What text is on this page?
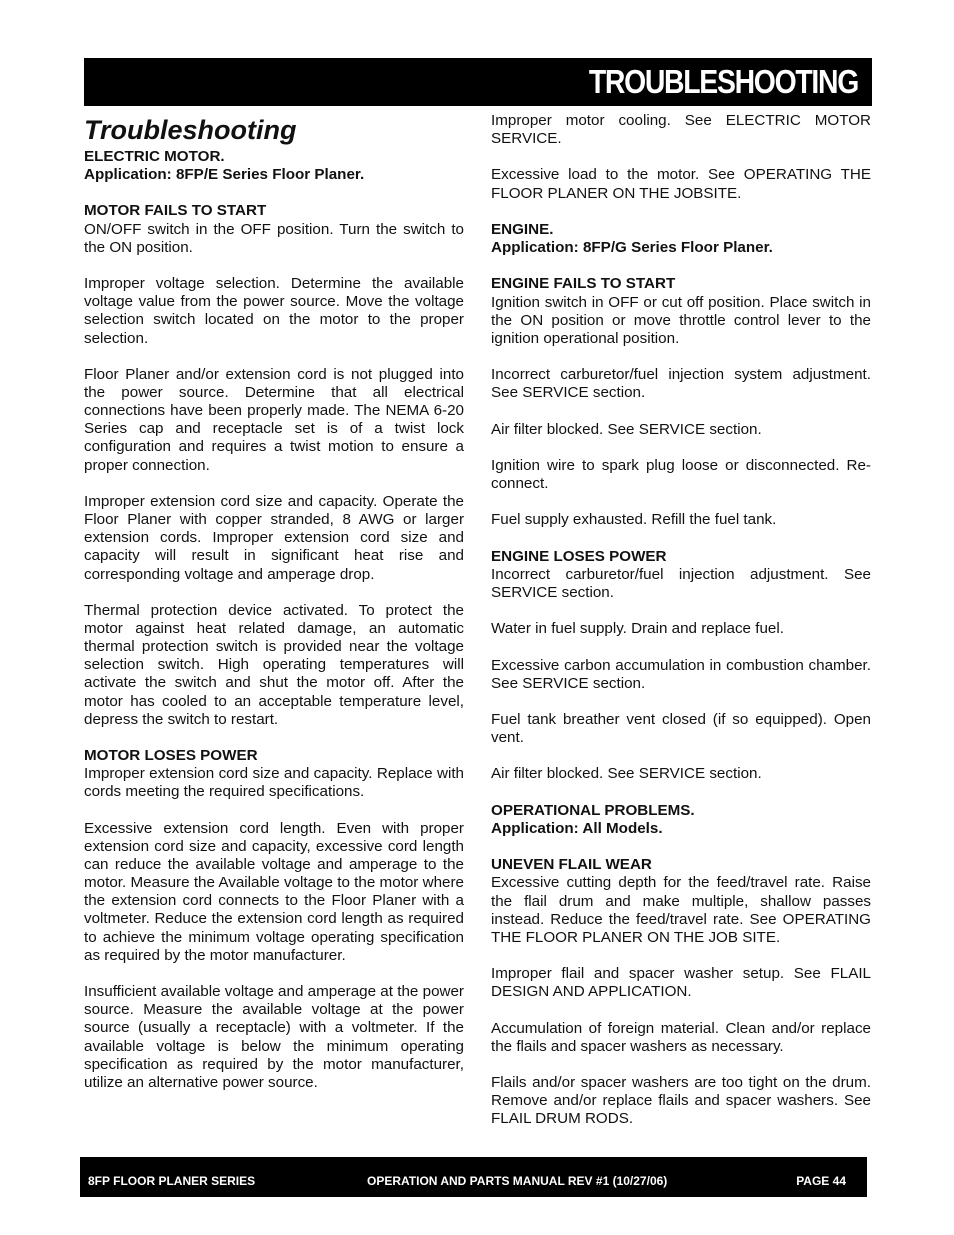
TROUBLESHOOTING
Troubleshooting
ELECTRIC MOTOR.
Application: 8FP/E Series Floor Planer.
MOTOR FAILS TO START
ON/OFF switch in the OFF position. Turn the switch to the ON position.
Improper voltage selection. Determine the available voltage value from the power source. Move the voltage selection switch located on the motor to the proper selection.
Floor Planer and/or extension cord is not plugged into the power source. Determine that all electrical connections have been properly made. The NEMA 6-20 Series cap and receptacle set is of a twist lock configuration and requires a twist motion to ensure a proper connection.
Improper extension cord size and capacity. Operate the Floor Planer with copper stranded, 8 AWG or larger extension cords. Improper extension cord size and capacity will result in significant heat rise and corresponding voltage and amperage drop.
Thermal protection device activated. To protect the motor against heat related damage, an automatic thermal protection switch is provided near the voltage selection switch. High operating temperatures will activate the switch and shut the motor off. After the motor has cooled to an acceptable temperature level, depress the switch to restart.
MOTOR LOSES POWER
Improper extension cord size and capacity. Replace with cords meeting the required specifications.
Excessive extension cord length. Even with proper extension cord size and capacity, excessive cord length can reduce the available voltage and amperage to the motor. Measure the Available voltage to the motor where the extension cord connects to the Floor Planer with a voltmeter. Reduce the extension cord length as required to achieve the minimum voltage operating specification as required by the motor manufacturer.
Insufficient available voltage and amperage at the power source. Measure the available voltage at the power source (usually a receptacle) with a voltmeter. If the available voltage is below the minimum operating specification as required by the motor manufacturer, utilize an alternative power source.
Improper motor cooling. See ELECTRIC MOTOR SERVICE.
Excessive load to the motor. See OPERATING THE FLOOR PLANER ON THE JOBSITE.
ENGINE.
Application: 8FP/G Series Floor Planer.
ENGINE FAILS TO START
Ignition switch in OFF or cut off position. Place switch in the ON position or move throttle control lever to the ignition operational position.
Incorrect carburetor/fuel injection system adjustment. See SERVICE section.
Air filter blocked. See SERVICE section.
Ignition wire to spark plug loose or disconnected. Re-connect.
Fuel supply exhausted. Refill the fuel tank.
ENGINE LOSES POWER
Incorrect carburetor/fuel injection adjustment. See SERVICE section.
Water in fuel supply. Drain and replace fuel.
Excessive carbon accumulation in combustion chamber. See SERVICE section.
Fuel tank breather vent closed (if so equipped). Open vent.
Air filter blocked. See SERVICE section.
OPERATIONAL PROBLEMS.
Application: All Models.
UNEVEN FLAIL WEAR
Excessive cutting depth for the feed/travel rate. Raise the flail drum and make multiple, shallow passes instead. Reduce the feed/travel rate. See OPERATING THE FLOOR PLANER ON THE JOB SITE.
Improper flail and spacer washer setup. See FLAIL DESIGN AND APPLICATION.
Accumulation of foreign material. Clean and/or replace the flails and spacer washers as necessary.
Flails and/or spacer washers are too tight on the drum. Remove and/or replace flails and spacer washers. See FLAIL DRUM RODS.
8FP FLOOR PLANER SERIES	OPERATION AND PARTS MANUAL REV #1 (10/27/06)	PAGE 44
